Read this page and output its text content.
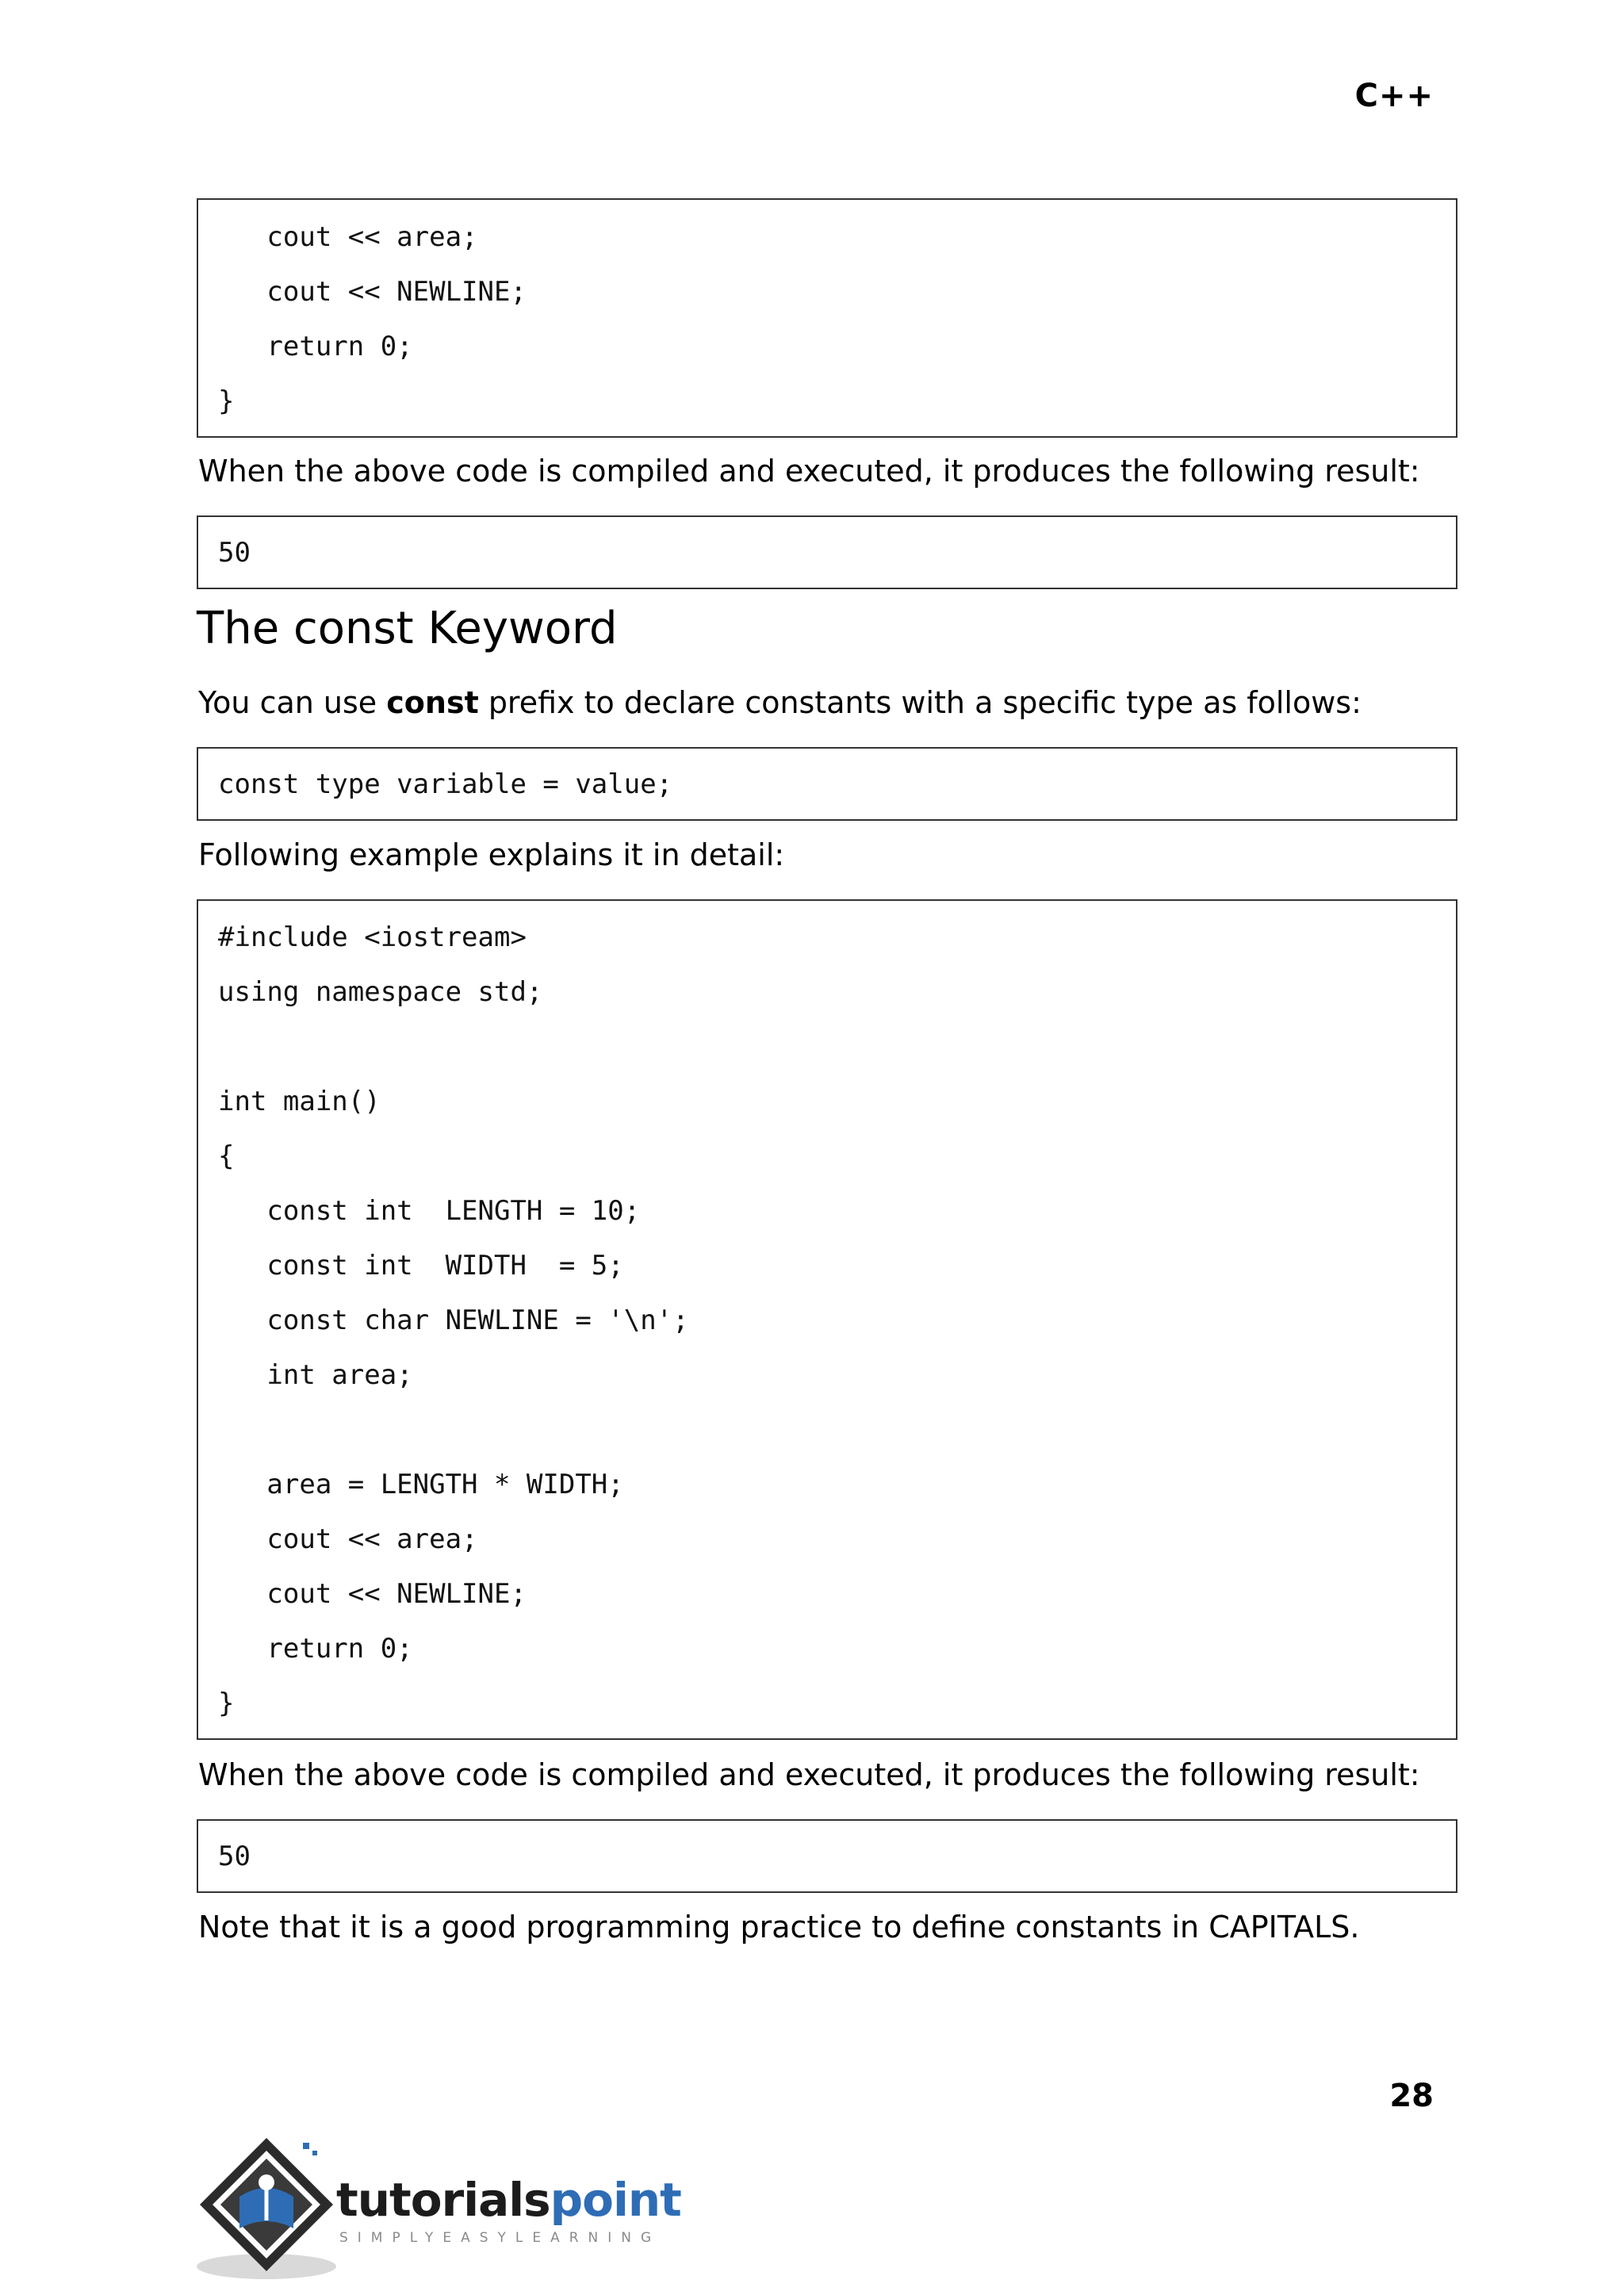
C++
cout << area;
cout << NEWLINE;
return 0;
}
When the above code is compiled and executed, it produces the following result:
50
The const Keyword
You can use const prefix to declare constants with a specific type as follows:
const type variable = value;
Following example explains it in detail:
#include <iostream>
using namespace std;
int main()
{
const int  LENGTH = 10;
const int  WIDTH  = 5;
const char NEWLINE = '\n';
int area;
area = LENGTH * WIDTH;
cout << area;
cout << NEWLINE;
return 0;
}
When the above code is compiled and executed, it produces the following result:
50
Note that it is a good programming practice to define constants in CAPITALS.
28
tutorialspoint
SIMPLYEASYLEARNING
